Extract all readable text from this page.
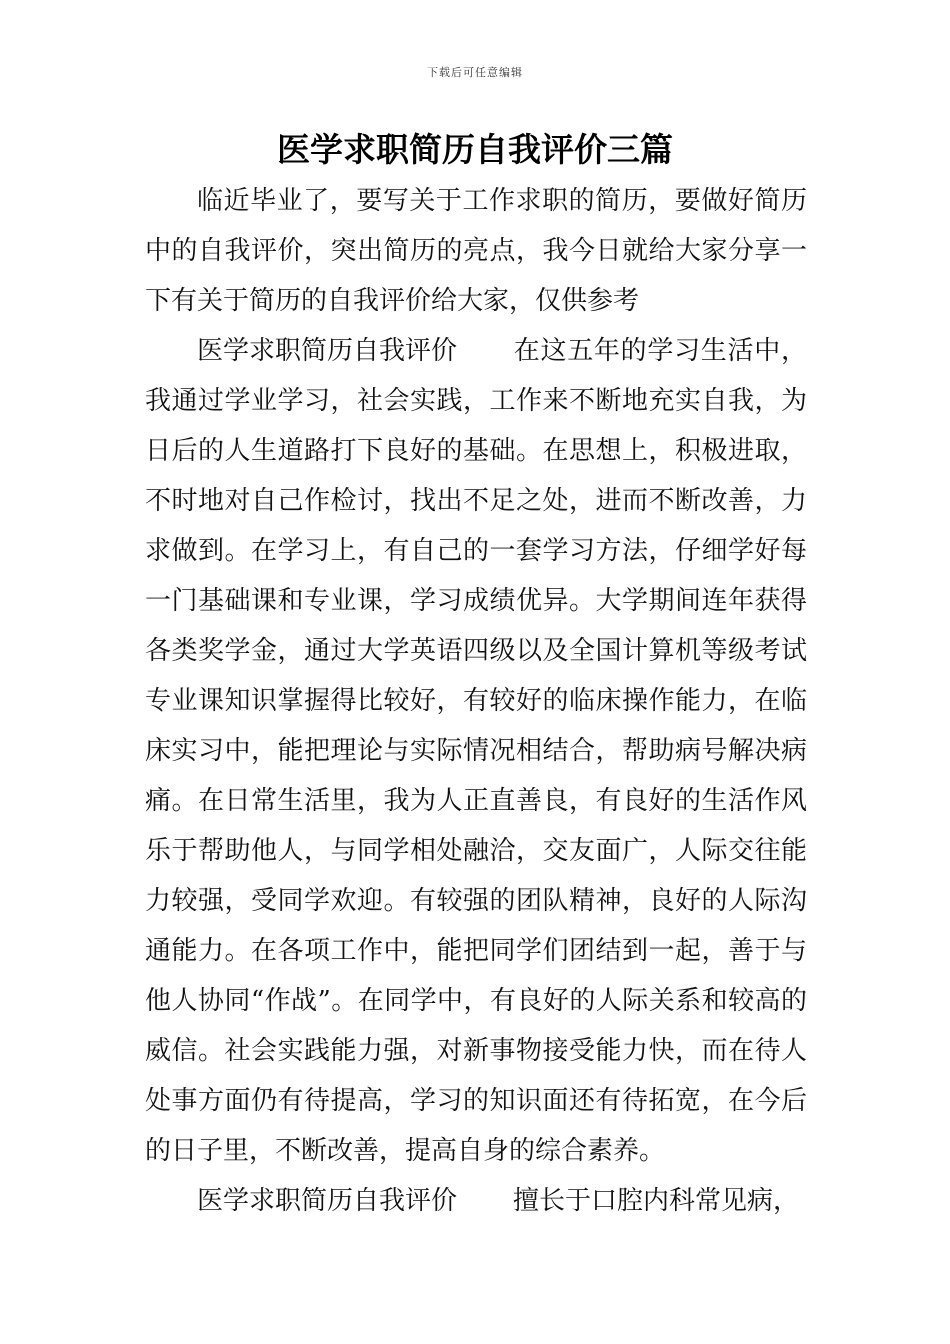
下载后可任意编辑
医学求职简历自我评价三篇

临近毕业了，要写关于工作求职的简历，要做好简历中的自我评价，突出简历的亮点，我今日就给大家分享一下有关于简历的自我评价给大家，仅供参考

医学求职简历自我评价 在这五年的学习生活中，我通过学业学习，社会实践，工作来不断地充实自我，为日后的人生道路打下良好的基础。在思想上，积极进取，不时地对自己作检讨，找出不足之处，进而不断改善，力求做到。在学习上，有自己的一套学习方法，仔细学好每一门基础课和专业课，学习成绩优异。大学期间连年获得各类奖学金，通过大学英语四级以及全国计算机等级考试专业课知识掌握得比较好，有较好的临床操作能力，在临床实习中，能把理论与实际情况相结合，帮助病号解决病痛。在日常生活里，我为人正直善良，有良好的生活作风乐于帮助他人，与同学相处融洽，交友面广，人际交往能力较强，受同学欢迎。有较强的团队精神，良好的人际沟通能力。在各项工作中，能把同学们团结到一起，善于与他人协同“作战”。在同学中，有良好的人际关系和较高的威信。社会实践能力强，对新事物接受能力快，而在待人处事方面仍有待提高，学习的知识面还有待拓宽，在今后的日子里，不断改善，提高自身的综合素养。

医学求职简历自我评价 擅长于口腔内科常见病，
